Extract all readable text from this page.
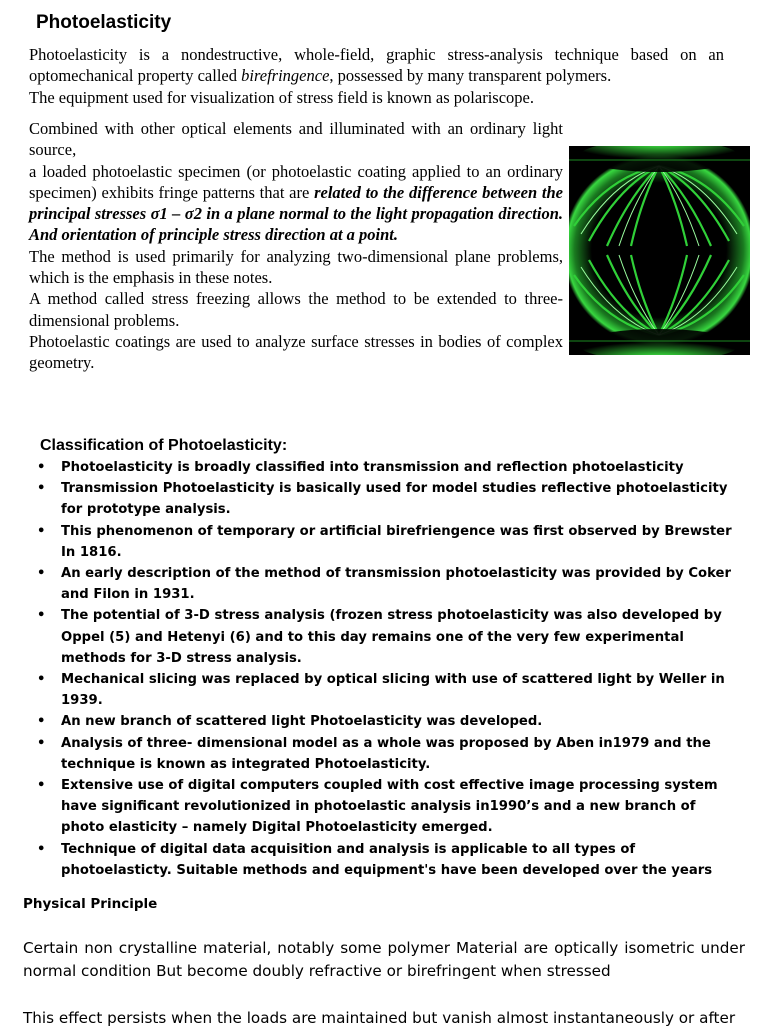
Photoelasticity

Photoelasticity is a nondestructive, whole-field, graphic stress-analysis technique based on an optomechanical property called birefringence, possessed by many transparent polymers.

The equipment used for visualization of stress field is known as polariscope.

Combined with other optical elements and illuminated with an ordinary light source,

a loaded photoelastic specimen (or photoelastic coating applied to an ordinary specimen) exhibits fringe patterns that are related to the difference between the principal stresses σ1 – σ2 in a plane normal to the light propagation direction. And orientation of principle stress direction at a point.

The method is used primarily for analyzing two-dimensional plane problems, which is the emphasis in these notes.

A method called stress freezing allows the method to be extended to three-dimensional problems.

Photoelastic coatings are used to analyze surface stresses in bodies of complex geometry.

Classification of Photoelasticity:
• Photoelasticity is broadly classified into transmission and reflection photoelasticity
• Transmission Photoelasticity is basically used for model studies reflective photoelasticity for prototype analysis.
• This phenomenon of temporary or artificial birefriengence was first observed by Brewster In 1816.
• An early description of the method of transmission photoelasticity was provided by Coker and Filon in 1931.
• The potential of 3-D stress analysis (frozen stress photoelasticity was also developed by Oppel (5) and Hetenyi (6) and to this day remains one of the very few experimental methods for 3-D stress analysis.
• Mechanical slicing was replaced by optical slicing with use of scattered light by Weller in 1939.
• An new branch of scattered light Photoelasticity was developed.
• Analysis of three- dimensional model as a whole was proposed by Aben in1979 and the technique is known as integrated Photoelasticity.
• Extensive use of digital computers coupled with cost effective image processing system have significant revolutionized in photoelastic analysis in1990’s and a new branch of photo elasticity – namely Digital Photoelasticity emerged.
• Technique of digital data acquisition and analysis is applicable to all types of photoelasticty. Suitable methods and equipment's have been developed over the years
Physical Principle

Certain non crystalline material, notably some polymer Material are optically isometric under normal condition But become doubly refractive or birefringent when stressed

This effect persists when the loads are maintained but vanish almost instantaneously or after
